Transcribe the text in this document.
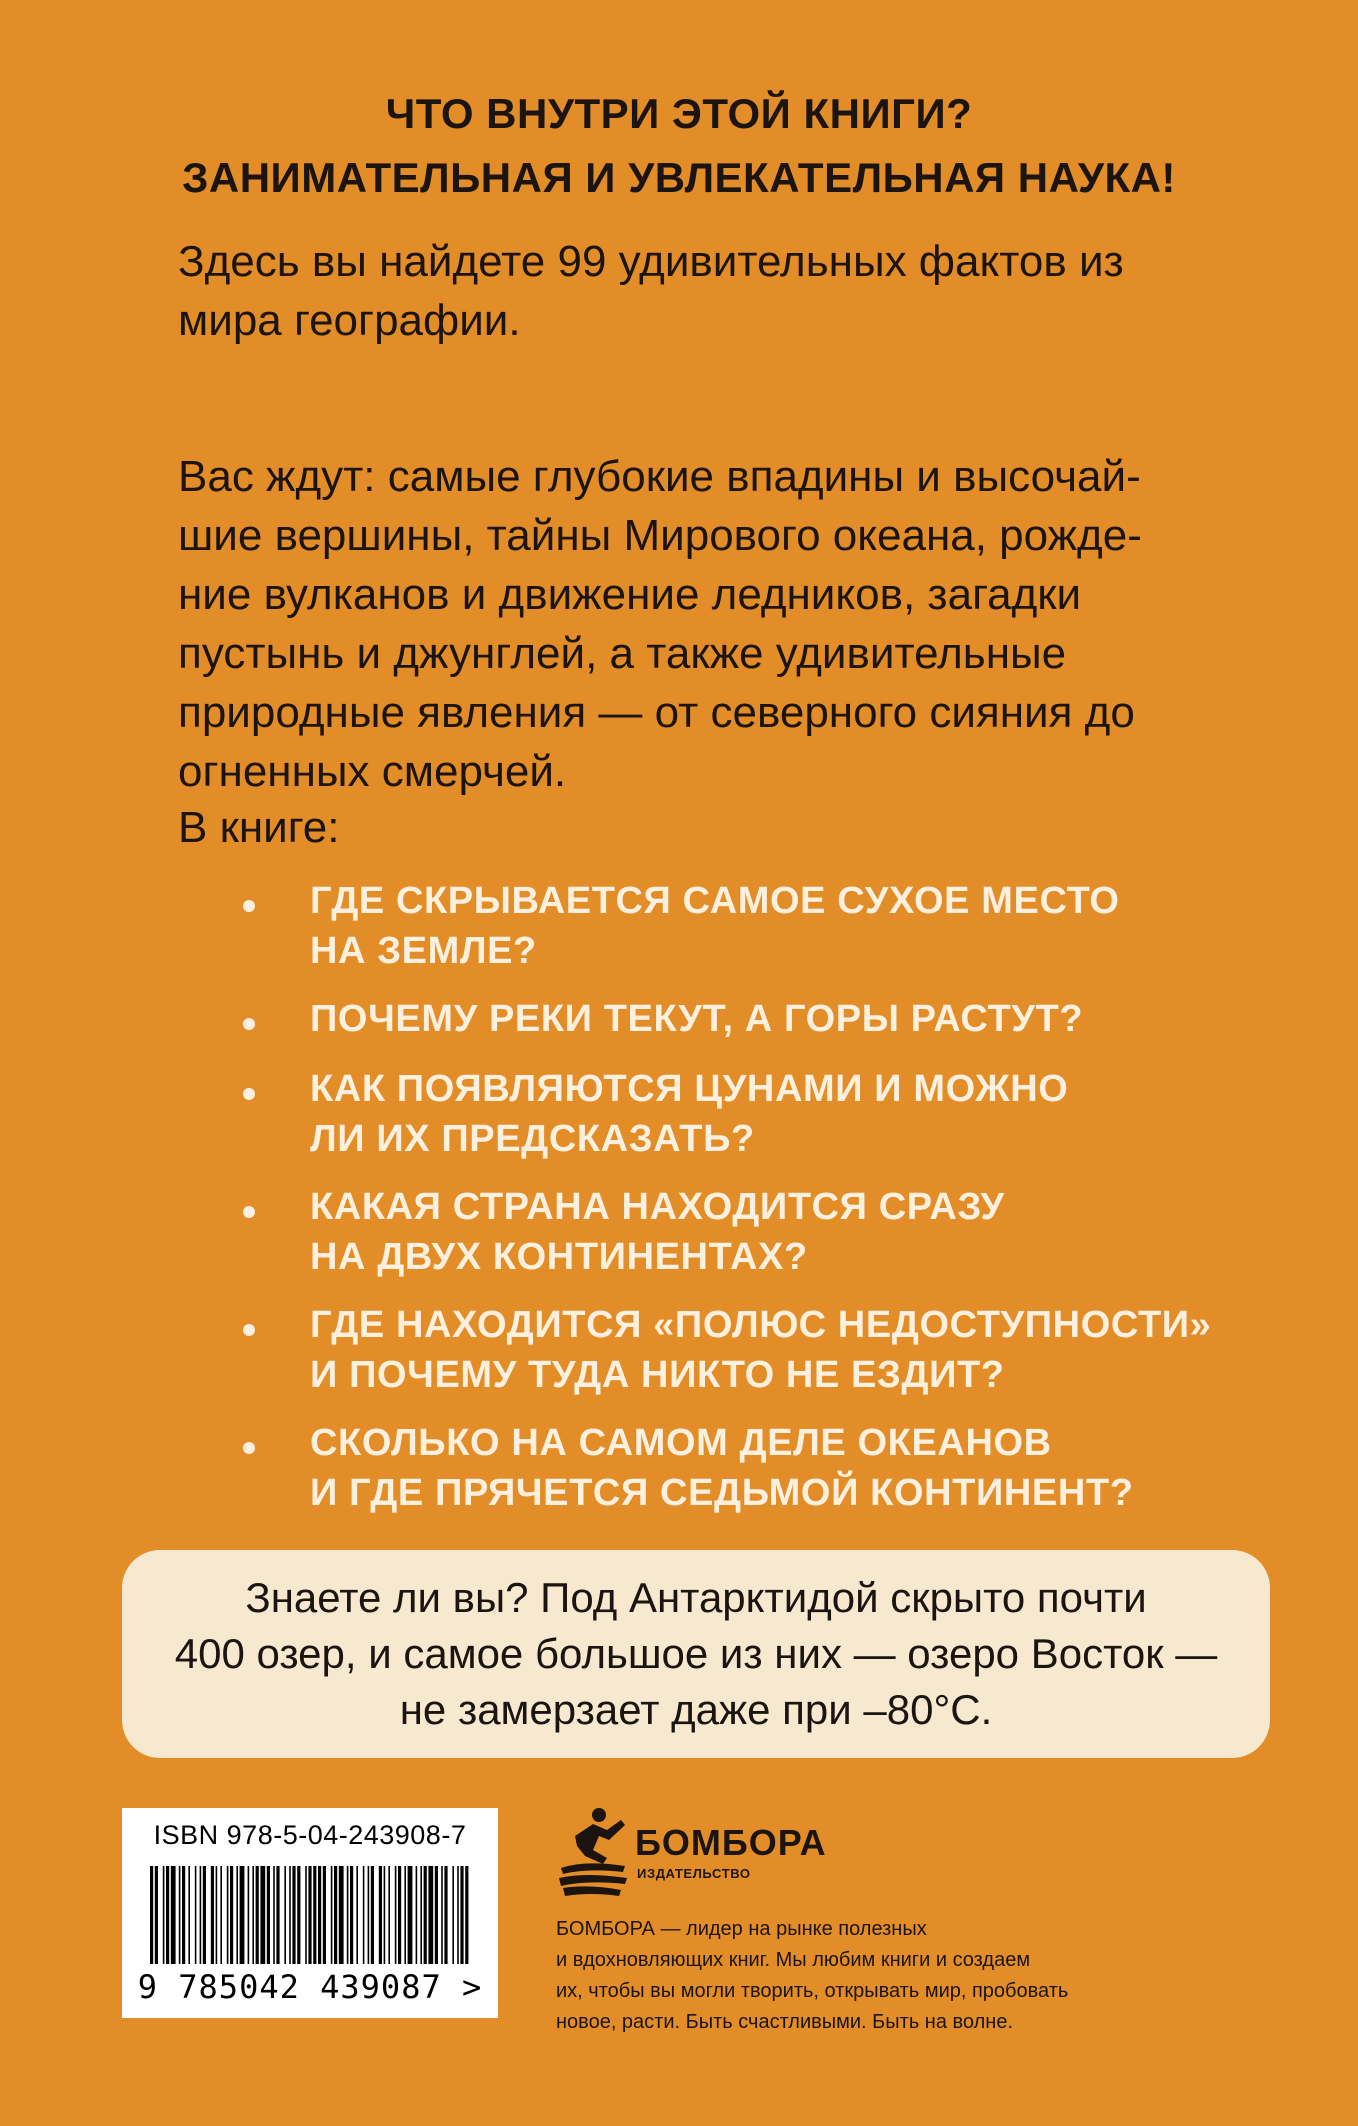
ЧТО ВНУТРИ ЭТОЙ КНИГИ?
ЗАНИМАТЕЛЬНАЯ И УВЛЕКАТЕЛЬНАЯ НАУКА!
Здесь вы найдете 99 удивительных фактов из
мира географии.
Вас ждут: самые глубокие впадины и высочай-
шие вершины, тайны Мирового океана, рожде-
ние вулканов и движение ледников, загадки
пустынь и джунглей, а также удивительные
природные явления — от северного сияния до
огненных смерчей.
В книге:
ГДЕ СКРЫВАЕТСЯ САМОЕ СУХОЕ МЕСТО
НА ЗЕМЛЕ?
ПОЧЕМУ РЕКИ ТЕКУТ, А ГОРЫ РАСТУТ?
КАК ПОЯВЛЯЮТСЯ ЦУНАМИ И МОЖНО
ЛИ ИХ ПРЕДСКАЗАТЬ?
КАКАЯ СТРАНА НАХОДИТСЯ СРАЗУ
НА ДВУХ КОНТИНЕНТАХ?
ГДЕ НАХОДИТСЯ «ПОЛЮС НЕДОСТУПНОСТИ»
И ПОЧЕМУ ТУДА НИКТО НЕ ЕЗДИТ?
СКОЛЬКО НА САМОМ ДЕЛЕ ОКЕАНОВ
И ГДЕ ПРЯЧЕТСЯ СЕДЬМОЙ КОНТИНЕНТ?
Знаете ли вы? Под Антарктидой скрыто почти
400 озер, и самое большое из них — озеро Восток —
не замерзает даже при –80°С.
ISBN 978-5-04-243908-7
9 785042 439087 >
БОМБОРА
ИЗДАТЕЛЬСТВО
БОМБОРА — лидер на рынке полезных
и вдохновляющих книг. Мы любим книги и создаем
их, чтобы вы могли творить, открывать мир, пробовать
новое, расти. Быть счастливыми. Быть на волне.
